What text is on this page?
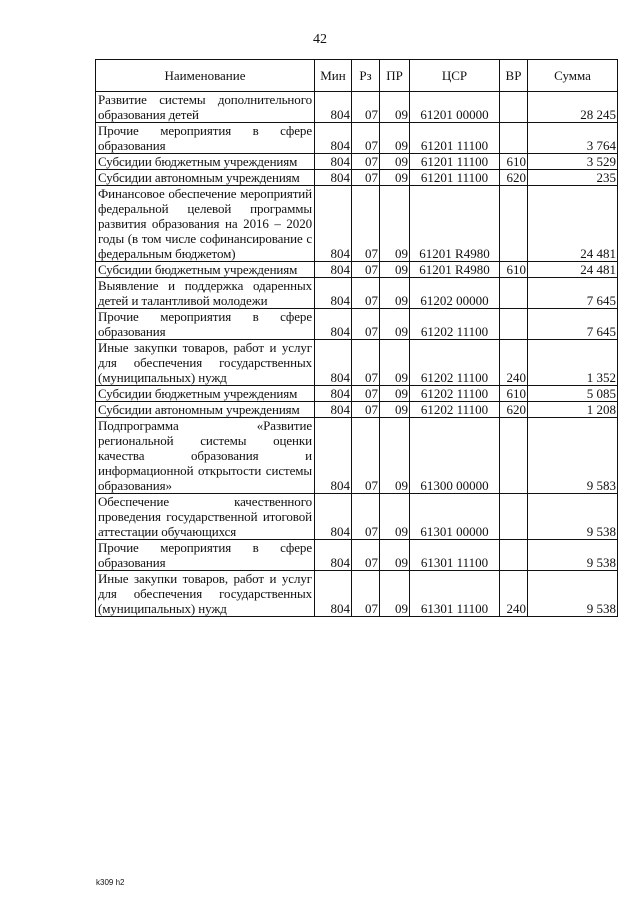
42
Наименование	Мин	Рз	ПР	ЦСР	ВР	Сумма
Развитие системы дополнительного образования детей	804	07	09	61201 00000		28 245
Прочие мероприятия в сфере образования	804	07	09	61201 11100		3 764
Субсидии бюджетным учреждениям	804	07	09	61201 11100	610	3 529
Субсидии автономным учреждениям	804	07	09	61201 11100	620	235
Финансовое обеспечение мероприятий федеральной целевой программы развития образования на 2016 – 2020 годы (в том числе софинансирование с федеральным бюджетом)	804	07	09	61201 R4980		24 481
Субсидии бюджетным учреждениям	804	07	09	61201 R4980	610	24 481
Выявление и поддержка одаренных детей и талантливой молодежи	804	07	09	61202 00000		7 645
Прочие мероприятия в сфере образования	804	07	09	61202 11100		7 645
Иные закупки товаров, работ и услуг для обеспечения государственных (муниципальных) нужд	804	07	09	61202 11100	240	1 352
Субсидии бюджетным учреждениям	804	07	09	61202 11100	610	5 085
Субсидии автономным учреждениям	804	07	09	61202 11100	620	1 208
Подпрограмма «Развитие региональной системы оценки качества образования и информационной открытости системы образования»	804	07	09	61300 00000		9 583
Обеспечение качественного проведения государственной итоговой аттестации обучающихся	804	07	09	61301 00000		9 538
Прочие мероприятия в сфере образования	804	07	09	61301 11100		9 538
Иные закупки товаров, работ и услуг для обеспечения государственных (муниципальных) нужд	804	07	09	61301 11100	240	9 538
k309 h2
